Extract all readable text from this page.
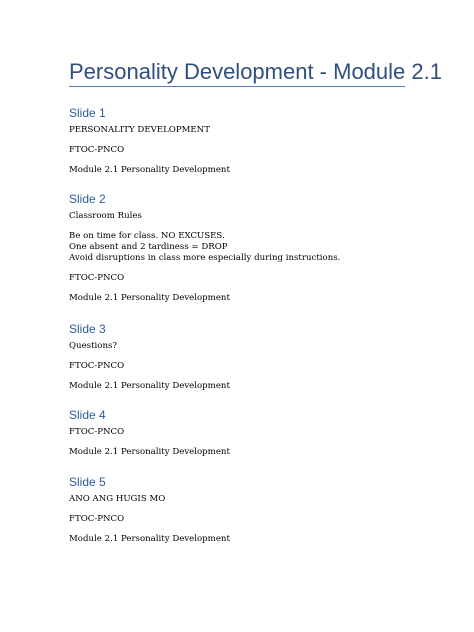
Personality Development - Module 2.1
Slide 1

PERSONALITY DEVELOPMENT

FTOC-PNCO

Module 2.1 Personality Development

Slide 2

Classroom Rules

Be on time for class. NO EXCUSES.

One absent and 2 tardiness = DROP

Avoid disruptions in class more especially during instructions.

FTOC-PNCO

Module 2.1 Personality Development

Slide 3

Questions?

FTOC-PNCO

Module 2.1 Personality Development

Slide 4

FTOC-PNCO

Module 2.1 Personality Development

Slide 5

ANO ANG HUGIS MO

FTOC-PNCO

Module 2.1 Personality Development
